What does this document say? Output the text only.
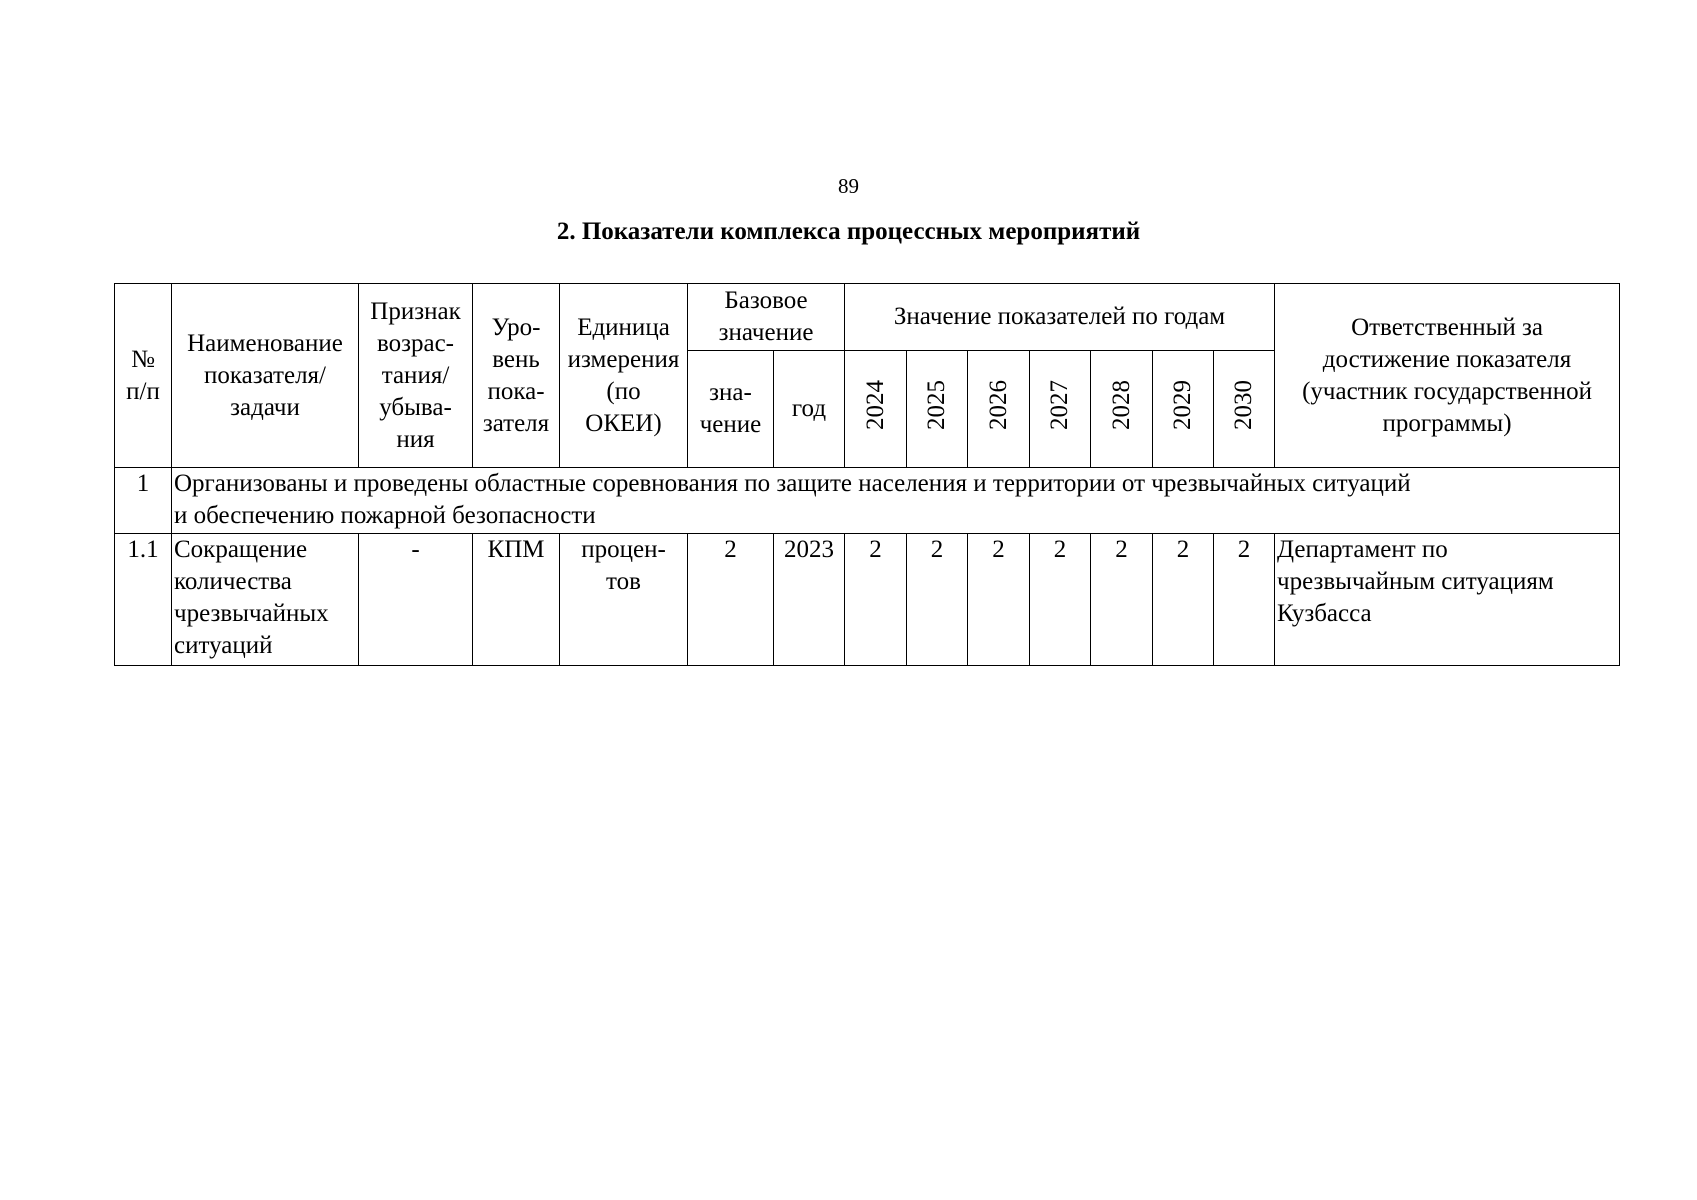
89
2. Показатели комплекса процессных мероприятий
№
п/п	Наименование
показателя/
задачи	Признак
возрас-
тания/
убыва-
ния	Уро-
вень
пока-
зателя	Единица
измерения
(по
ОКЕИ)	Базовое
значение		Значение показателей по годам							Ответственный за
достижение показателя
(участник государственной
программы)
					зна-
чение	год	2024	2025	2026	2027	2028	2029	2030	
1	Организованы и проведены областные соревнования по защите населения и территории от чрезвычайных ситуаций
и обеспечению пожарной безопасности													
1.1	Сокращение
количества
чрезвычайных
ситуаций	-	КПМ	процен-
тов	2	2023	2	2	2	2	2	2	2	Департамент по
чрезвычайным ситуациям
Кузбасса
